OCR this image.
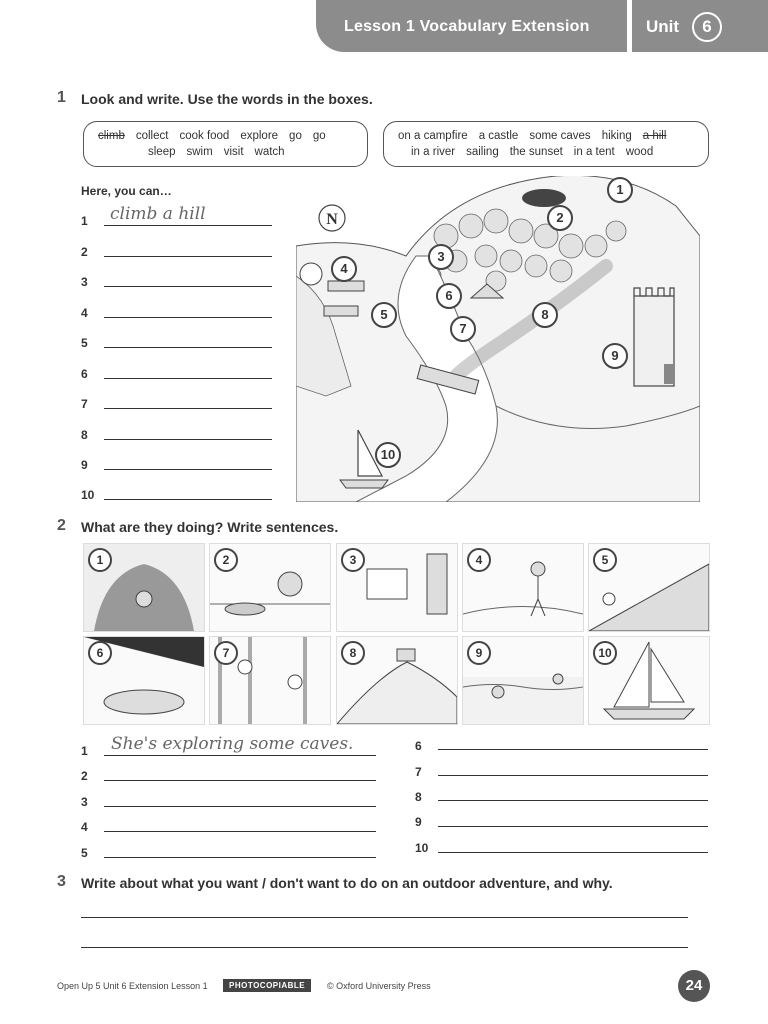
Lesson 1 Vocabulary Extension	Unit	6
1 Look and write. Use the words in the boxes.
climb collect cook food explore go go
sleep swim visit watch
on a campfire a castle some caves hiking a hill
in a river sailing the sunset in a tent wood
Here, you can…
1 climb a hill
2
3
4
5
6
7
8
9
10
N
1
2
3
4
6
5	8
7
9
10
2 What are they doing? Write sentences.
1	2	3	4	5
6	7	8	9	10
1 She's exploring some caves.
2
3
4
5
6
7
8
9
10
3 Write about what you want / don't want to do on an outdoor adventure, and why.
Open Up 5 Unit 6 Extension Lesson 1	PHOTOCOPIABLE	© Oxford University Press	24
